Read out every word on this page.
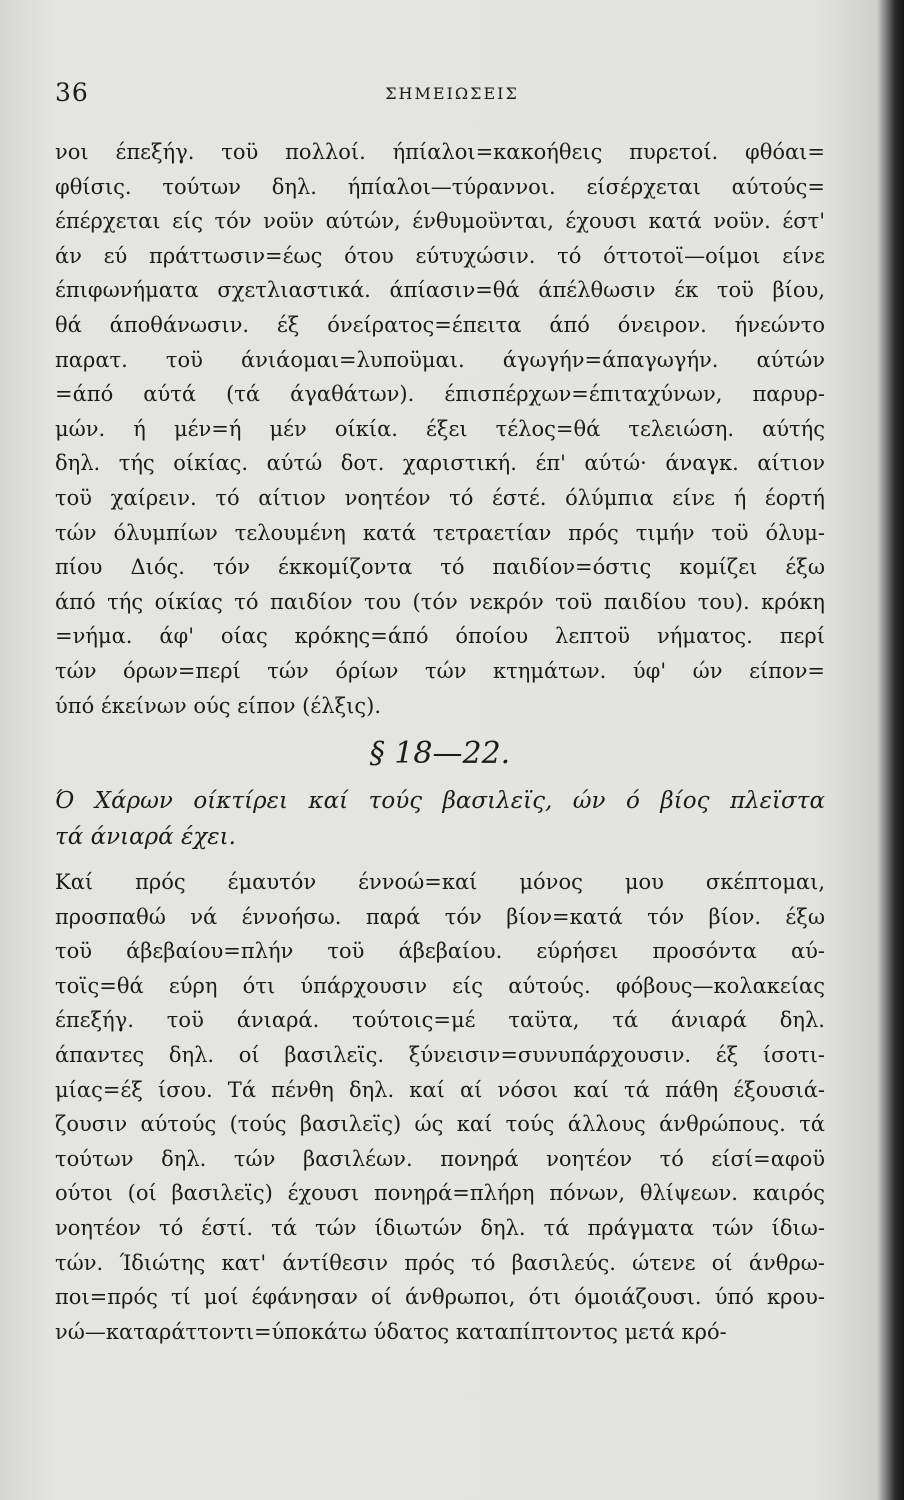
36	ΣΗΜΕΙΩΣΕΙΣ
νοι έπεξήγ. τοϋ πολλοί. ήπίαλοι=κακοήθεις πυρετοί. φθόαι=
φθίσις. τούτων δηλ. ήπίαλοι—τύραννοι. είσέρχεται αύτούς=
έπέρχεται είς τόν νοϋν αύτών, ένθυμοϋνται, έχουσι κατά νοϋν. έστ'
άν εύ πράττωσιν=έως ότου εύτυχώσιν. τό όττοτοϊ—οίμοι είνε
έπιφωνήματα σχετλιαστικά. άπίασιν=θά άπέλθωσιν έκ τοϋ βίου,
θά άποθάνωσιν. έξ όνείρατος=έπειτα άπό όνειρον. ήνεώντο
παρατ. τοϋ άνιάομαι=λυποϋμαι. άγωγήν=άπαγωγήν. αύτών
=άπό αύτά (τά άγαθάτων). έπισπέρχων=έπιταχύνων, παρυρ-
μών. ή μέν=ή μέν οίκία. έξει τέλος=θά τελειώση. αύτής
δηλ. τής οίκίας. αύτώ δοτ. χαριστική. έπ' αύτώ· άναγκ. αίτιον
τοϋ χαίρειν. τό αίτιον νοητέον τό έστέ. όλύμπια είνε ή έορτή
τών όλυμπίων τελουμένη κατά τετραετίαν πρός τιμήν τοϋ όλυμ-
πίου Διός. τόν έκκομίζοντα τό παιδίον=όστις κομίζει έξω
άπό τής οίκίας τό παιδίον του (τόν νεκρόν τοϋ παιδίου του). κρόκη
=νήμα. άφ' οίας κρόκης=άπό όποίου λεπτοϋ νήματος. περί
τών όρων=περί τών όρίων τών κτημάτων. ύφ' ών είπον=
ύπό έκείνων ούς είπον (έλξις).
§ 18—22.
Ό Χάρων οίκτίρει καί τούς βασιλεϊς, ών ό βίος πλεϊστα
τά άνιαρά έχει.
Καί πρός έμαυτόν έννοώ=καί μόνος μου σκέπτομαι,
προσπαθώ νά έννοήσω. παρά τόν βίον=κατά τόν βίον. έξω
τοϋ άβεβαίου=πλήν τοϋ άβεβαίου. εύρήσει προσόντα αύ-
τοϊς=θά εύρη ότι ύπάρχουσιν είς αύτούς. φόβους—κολακείας
έπεξήγ. τοϋ άνιαρά. τούτοις=μέ ταϋτα, τά άνιαρά δηλ.
άπαντες δηλ. οί βασιλεϊς. ξύνεισιν=συνυπάρχουσιν. έξ ίσοτι-
μίας=έξ ίσου. Τά πένθη δηλ. καί αί νόσοι καί τά πάθη έξουσιά-
ζουσιν αύτούς (τούς βασιλεϊς) ώς καί τούς άλλους άνθρώπους. τά
τούτων δηλ. τών βασιλέων. πονηρά νοητέον τό είσί=αφοϋ
ούτοι (οί βασιλεϊς) έχουσι πονηρά=πλήρη πόνων, θλίψεων. καιρός
νοητέον τό έστί. τά τών ίδιωτών δηλ. τά πράγματα τών ίδιω-
τών. Ίδιώτης κατ' άντίθεσιν πρός τό βασιλεύς. ώτενε οί άνθρω-
ποι=πρός τί μοί έφάνησαν οί άνθρωποι, ότι όμοιάζουσι. ύπό κρου-
νώ—καταράττοντι=ύποκάτω ύδατος καταπίπτοντος μετά κρό-
